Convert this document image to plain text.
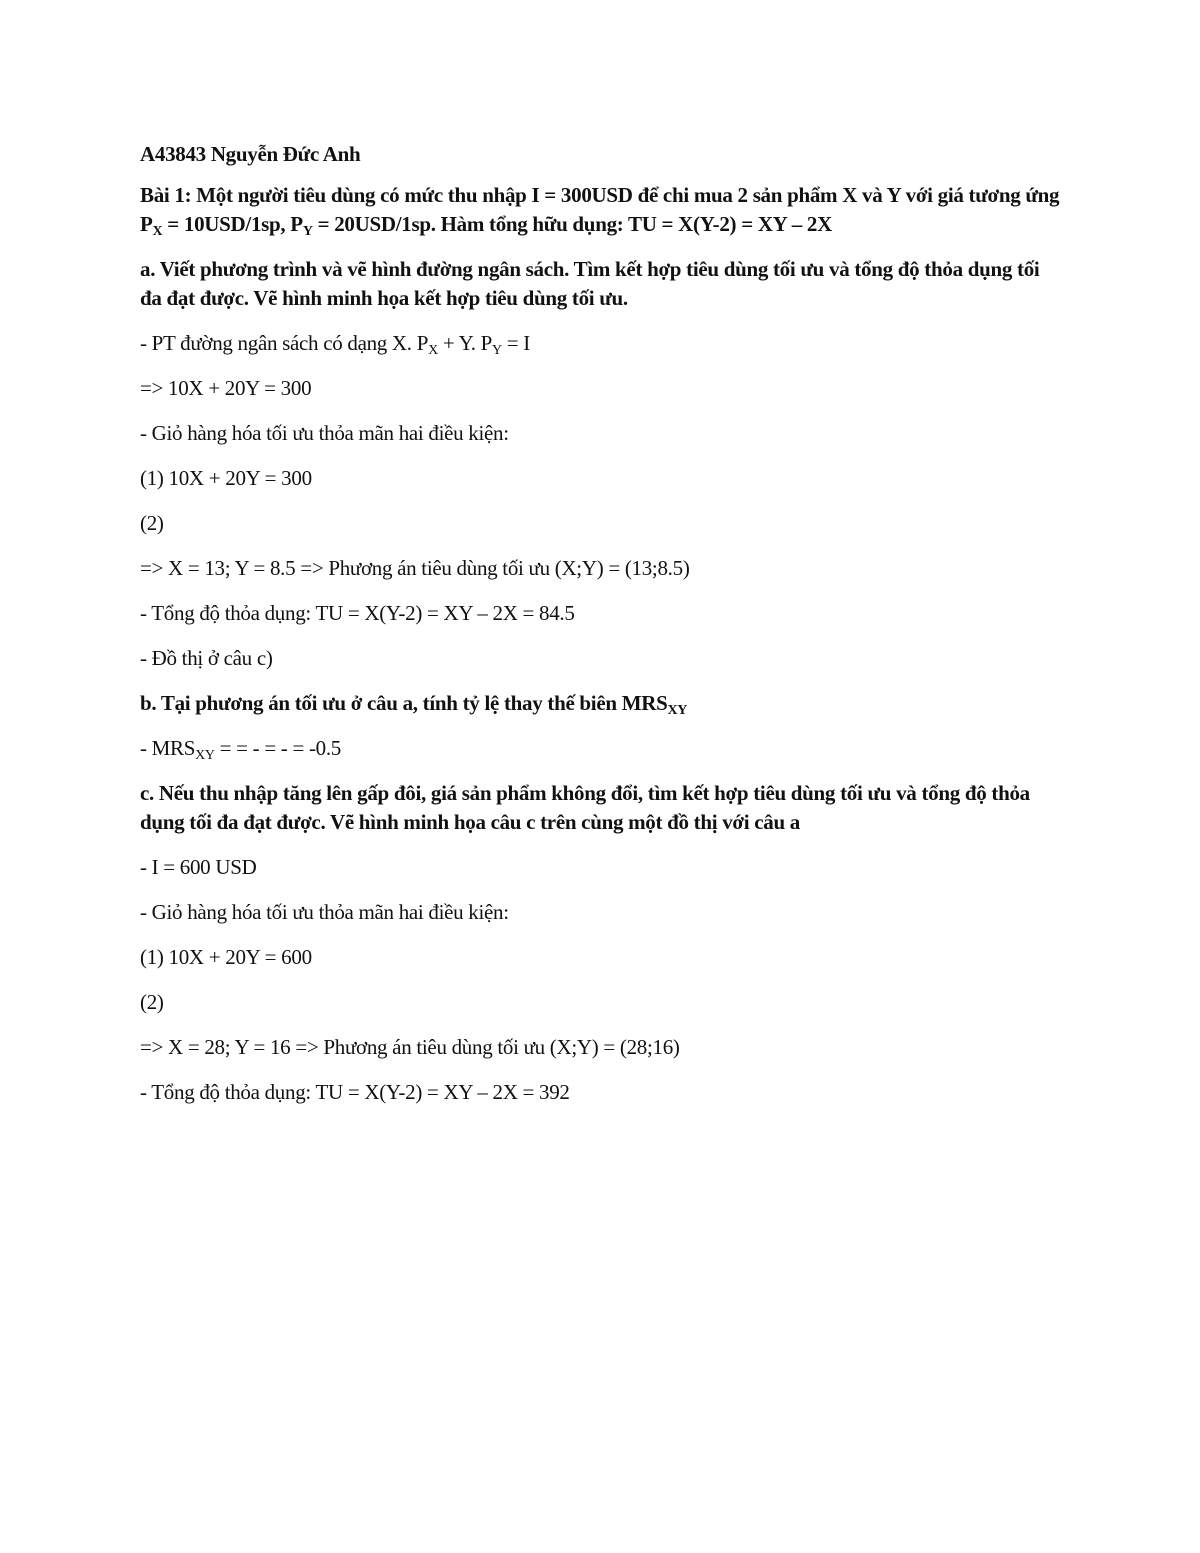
A43843 Nguyễn Đức Anh

Bài 1: Một người tiêu dùng có mức thu nhập I = 300USD để chi mua 2 sản phẩm X và Y với giá tương ứng $P_X = 10USD/1sp$, $P_Y = 20USD/1sp$. Hàm tổng hữu dụng: TU = X(Y-2) = XY – 2X

a. Viết phương trình và vẽ hình đường ngân sách. Tìm kết hợp tiêu dùng tối ưu và tổng độ thỏa dụng tối đa đạt được. Vẽ hình minh họa kết hợp tiêu dùng tối ưu.

- PT đường ngân sách có dạng X. $P_X + Y$. $P_Y = I$

=> 10X + 20Y = 300

- Giỏ hàng hóa tối ưu thỏa mãn hai điều kiện:

(1) 10X + 20Y = 300

(2)

=> X = 13; Y = 8.5 => Phương án tiêu dùng tối ưu (X;Y) = (13;8.5)

- Tổng độ thỏa dụng: TU = X(Y-2) = XY – 2X = 84.5

- Đồ thị ở câu c)

b. Tại phương án tối ưu ở câu a, tính tỷ lệ thay thế biên $MRS_{XY}$

- $MRS_{XY}$ = = - = - = -0.5

c. Nếu thu nhập tăng lên gấp đôi, giá sản phẩm không đổi, tìm kết hợp tiêu dùng tối ưu và tổng độ thỏa dụng tối đa đạt được. Vẽ hình minh họa câu c trên cùng một đồ thị với câu a

- I = 600 USD

- Giỏ hàng hóa tối ưu thỏa mãn hai điều kiện:

(1) 10X + 20Y = 600

(2)

=> X = 28; Y = 16 => Phương án tiêu dùng tối ưu (X;Y) = (28;16)

- Tổng độ thỏa dụng: TU = X(Y-2) = XY – 2X = 392
